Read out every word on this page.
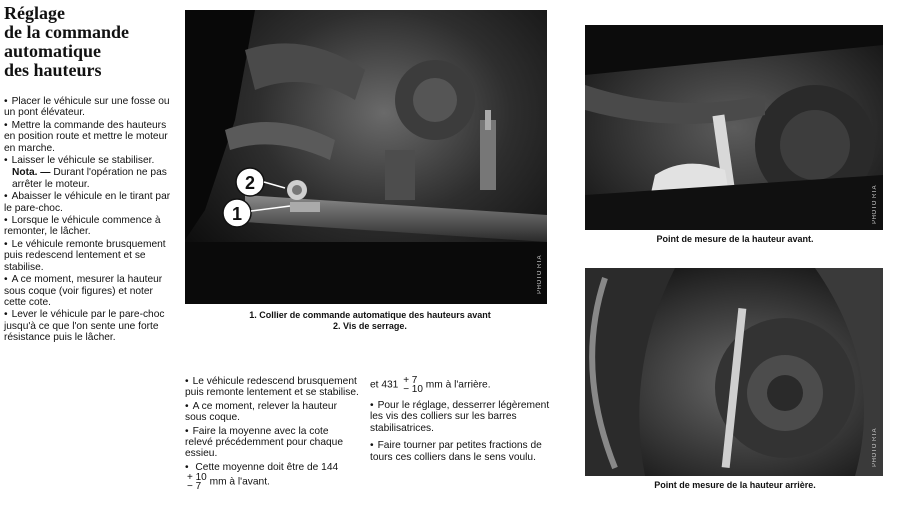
Réglage
de la commande
automatique
des hauteurs

• Placer le véhicule sur une fosse ou un pont élévateur.

• Mettre la commande des hauteurs en position route et mettre le moteur en marche.

• Laisser le véhicule se stabiliser.

Nota. — Durant l'opération ne pas arrêter le moteur.

• Abaisser le véhicule en le tirant par le pare-choc.

• Lorsque le véhicule commence à remonter, le lâcher.

• Le véhicule remonte brusquement puis redescend lentement et se stabilise.

• A ce moment, mesurer la hauteur sous coque (voir figures) et noter cette cote.

• Lever le véhicule par le pare-choc jusqu'à ce que l'on sente une forte résistance puis le lâcher.

2
1
PHOTO RTA
1. Collier de commande automatique des hauteurs avant
2. Vis de serrage.
PHOTO RTA
Point de mesure de la hauteur avant.
PHOTO RTA
Point de mesure de la hauteur arrière.

• Le véhicule redescend brusquement puis remonte lentement et se stabilise.

• A ce moment, relever la hauteur sous coque.

• Faire la moyenne avec la cote relevé précédemment pour chaque essieu.

• Cette moyenne doit être de 144 + 10
− 7 mm à l'avant.

et 431 + 7
− 10 mm à l'arrière.

• Pour le réglage, desserrer légèrement les vis des colliers sur les barres stabilisatrices.

• Faire tourner par petites fractions de tours ces colliers dans le sens voulu.
